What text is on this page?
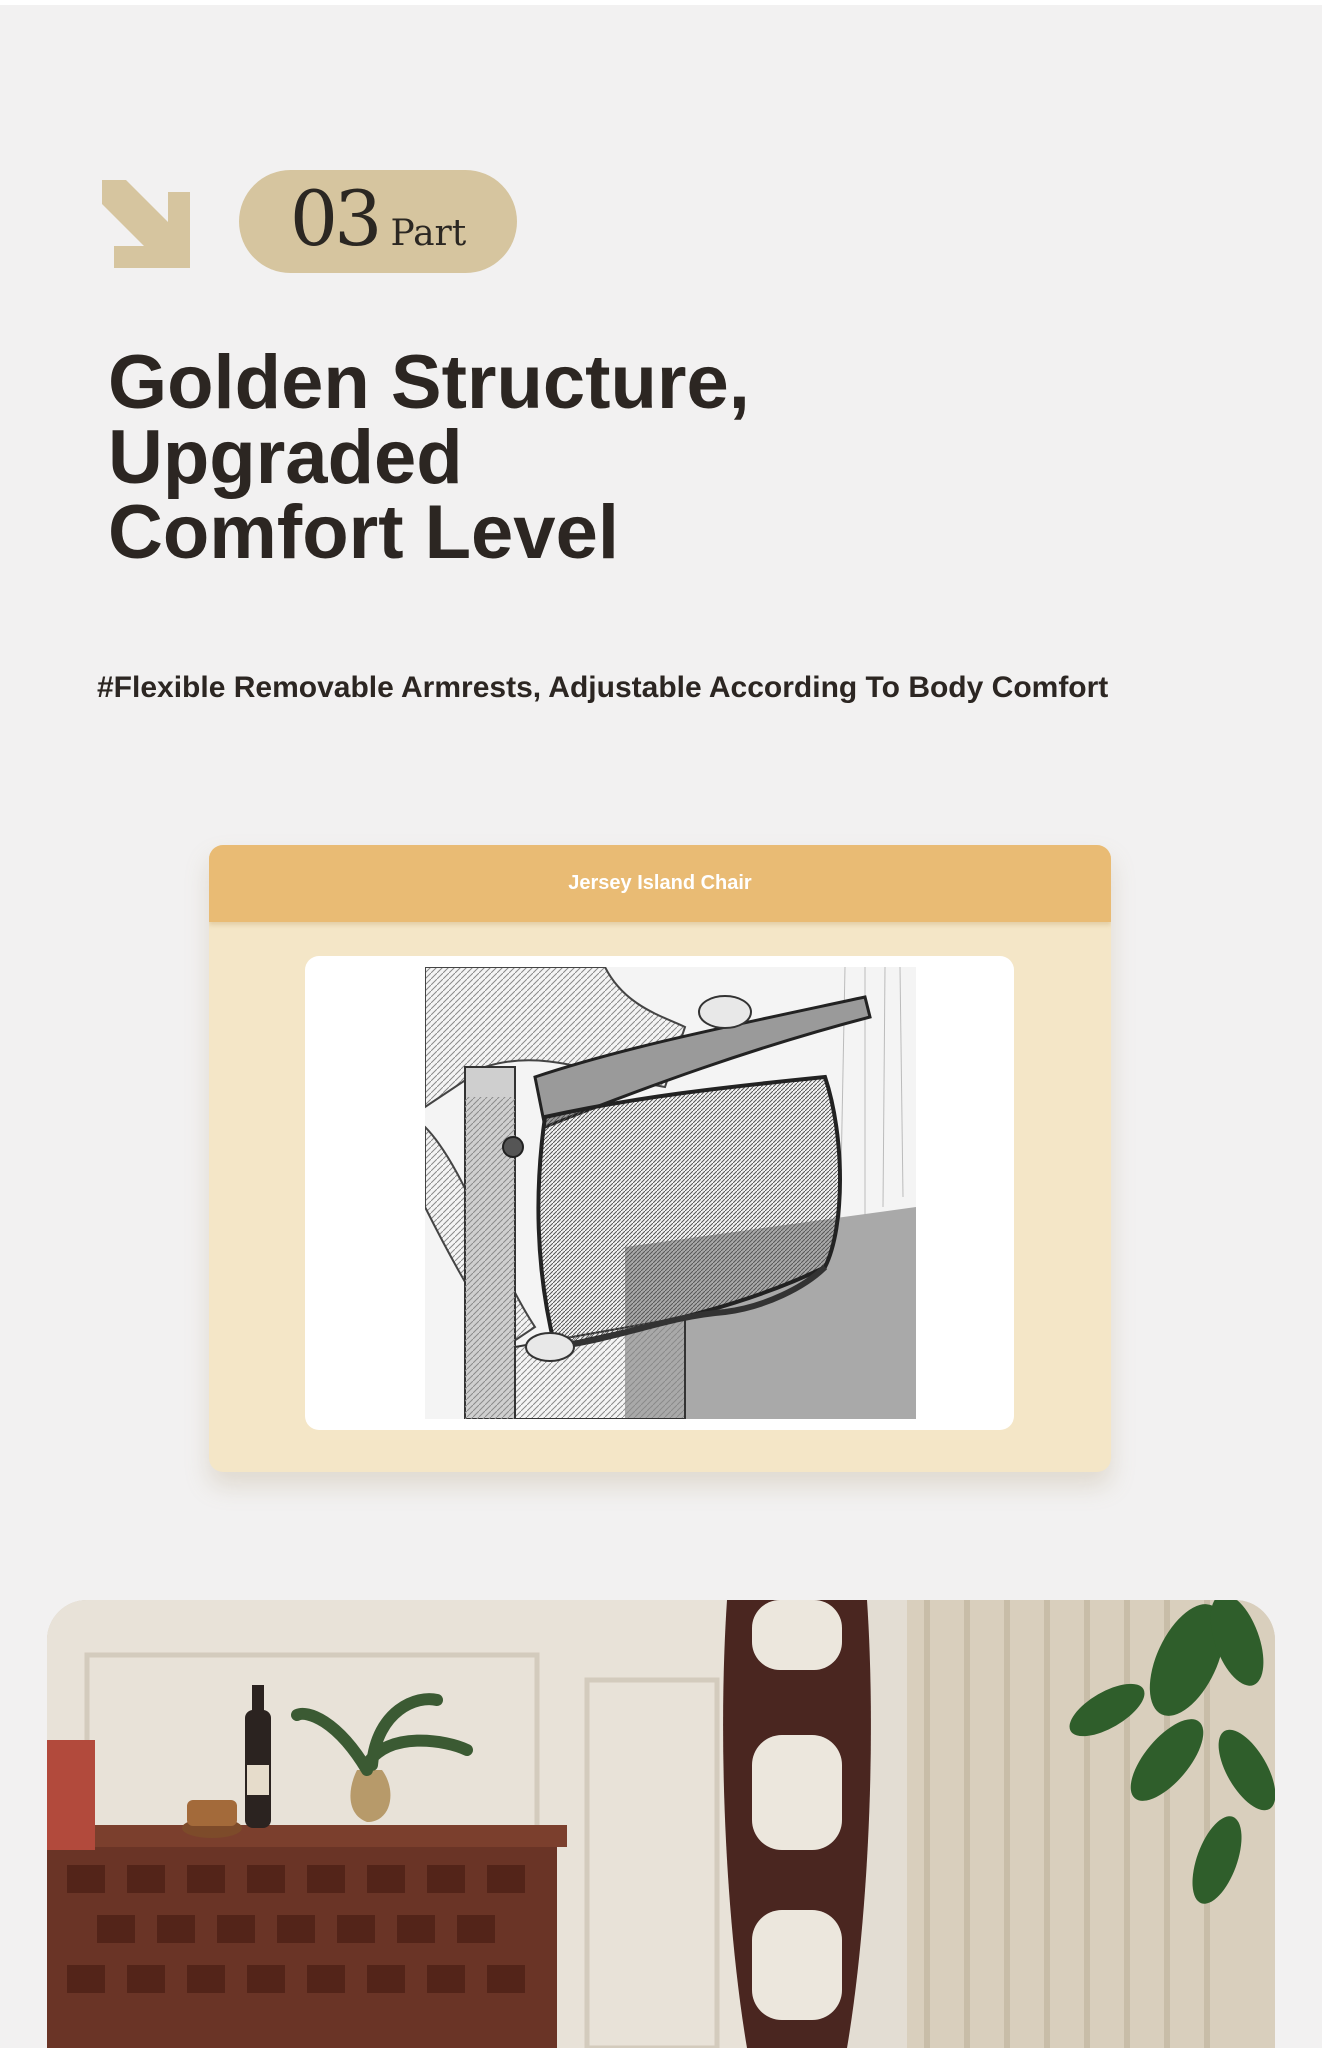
03 Part
Golden Structure,
Upgraded
Comfort Level

#Flexible Removable Armrests, Adjustable According To Body Comfort

Jersey Island Chair
